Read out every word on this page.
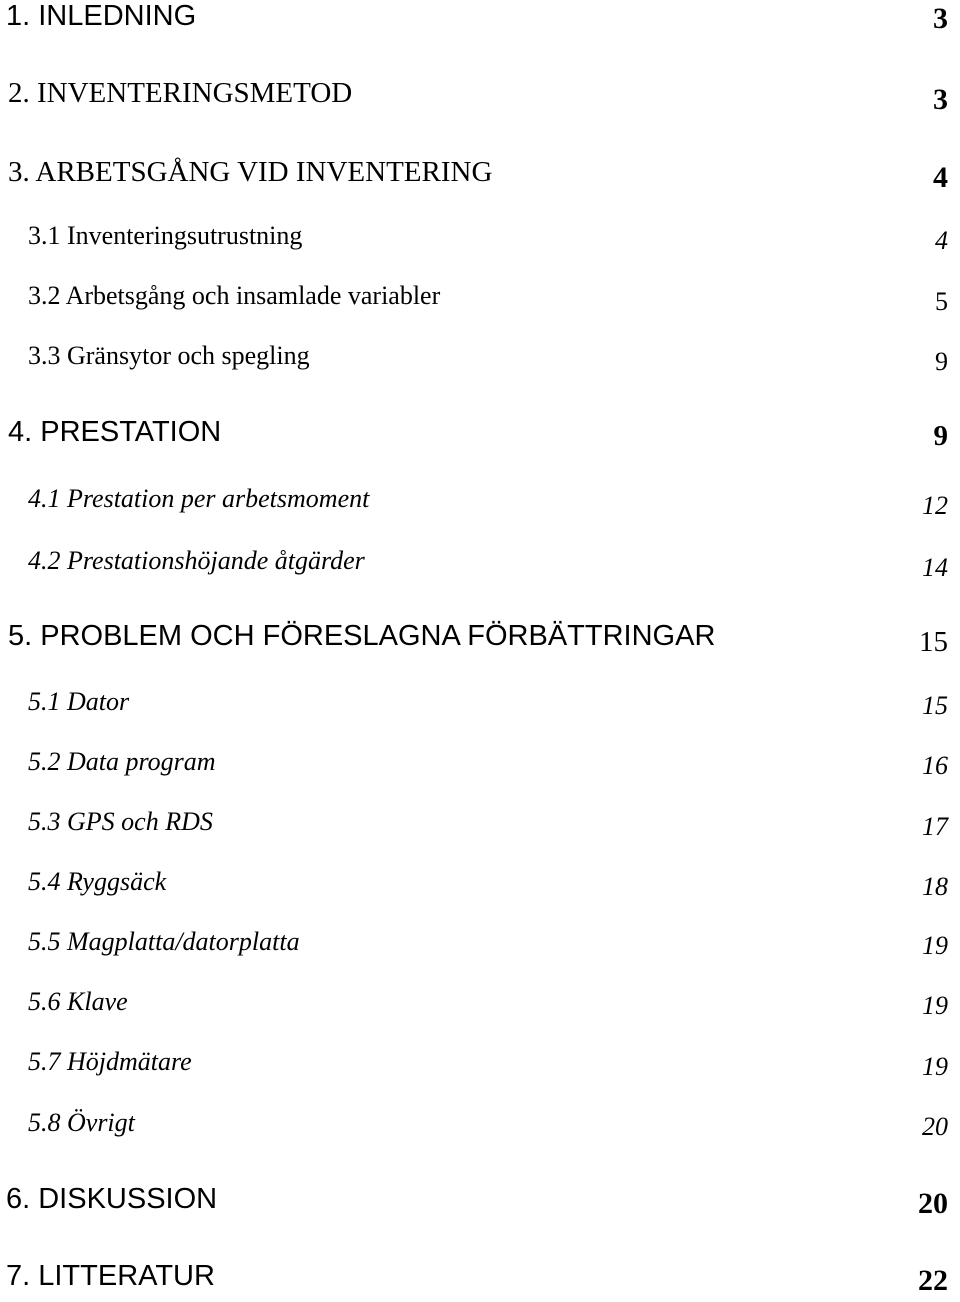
1. INLEDNING	3
2. INVENTERINGSMETOD	3
3. ARBETSGÅNG VID INVENTERING	4
3.1 Inventeringsutrustning	4
3.2 Arbetsgång och insamlade variabler	5
3.3 Gränsytor och spegling	9
4. PRESTATION	9
4.1 Prestation per arbetsmoment	12
4.2 Prestationshöjande åtgärder	14
5. PROBLEM OCH FÖRESLAGNA FÖRBÄTTRINGAR	15
5.1 Dator	15
5.2 Data program	16
5.3 GPS och RDS	17
5.4 Ryggsäck	18
5.5 Magplatta/datorplatta	19
5.6 Klave	19
5.7 Höjdmätare	19
5.8 Övrigt	20
6. DISKUSSION	20
7. LITTERATUR	22
